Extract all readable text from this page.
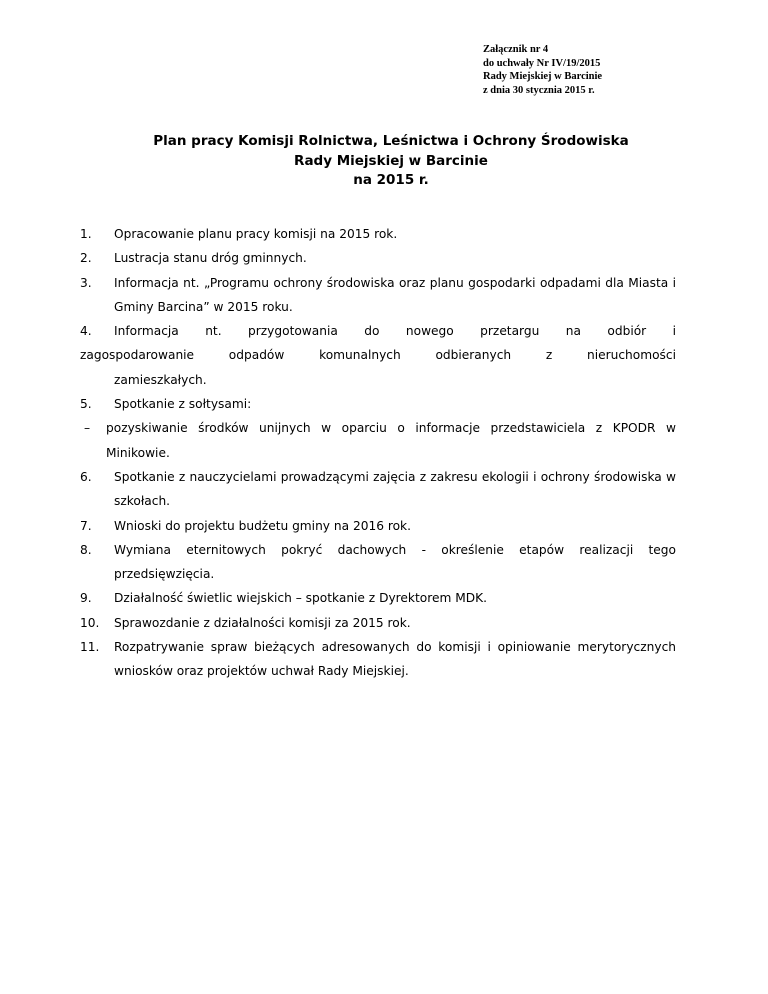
Załącznik nr 4
do uchwały Nr IV/19/2015
Rady Miejskiej w Barcinie
z dnia 30 stycznia 2015 r.
Plan pracy Komisji Rolnictwa, Leśnictwa i Ochrony Środowiska
Rady Miejskiej w Barcinie
na 2015 r.
1. Opracowanie planu pracy komisji na 2015 rok.
2. Lustracja stanu dróg gminnych.
3. Informacja nt. „Programu ochrony środowiska oraz planu gospodarki odpadami dla Miasta i Gminy Barcina” w 2015 roku.
4. Informacja nt. przygotowania do nowego przetargu na odbiór i
zagospodarowanie odpadów komunalnych odbieranych z nieruchomości
zamieszkałych.
5. Spotkanie z sołtysami:
– pozyskiwanie środków unijnych w oparciu o informacje przedstawiciela z KPODR w Minikowie.
6. Spotkanie z nauczycielami prowadzącymi zajęcia z zakresu ekologii i ochrony środowiska w szkołach.
7. Wnioski do projektu budżetu gminy na 2016 rok.
8. Wymiana eternitowych pokryć dachowych - określenie etapów realizacji tego przedsięwzięcia.
9. Działalność świetlic wiejskich – spotkanie z Dyrektorem MDK.
10. Sprawozdanie z działalności komisji za 2015 rok.
11. Rozpatrywanie spraw bieżących adresowanych do komisji i opiniowanie merytorycznych wniosków oraz projektów uchwał Rady Miejskiej.
